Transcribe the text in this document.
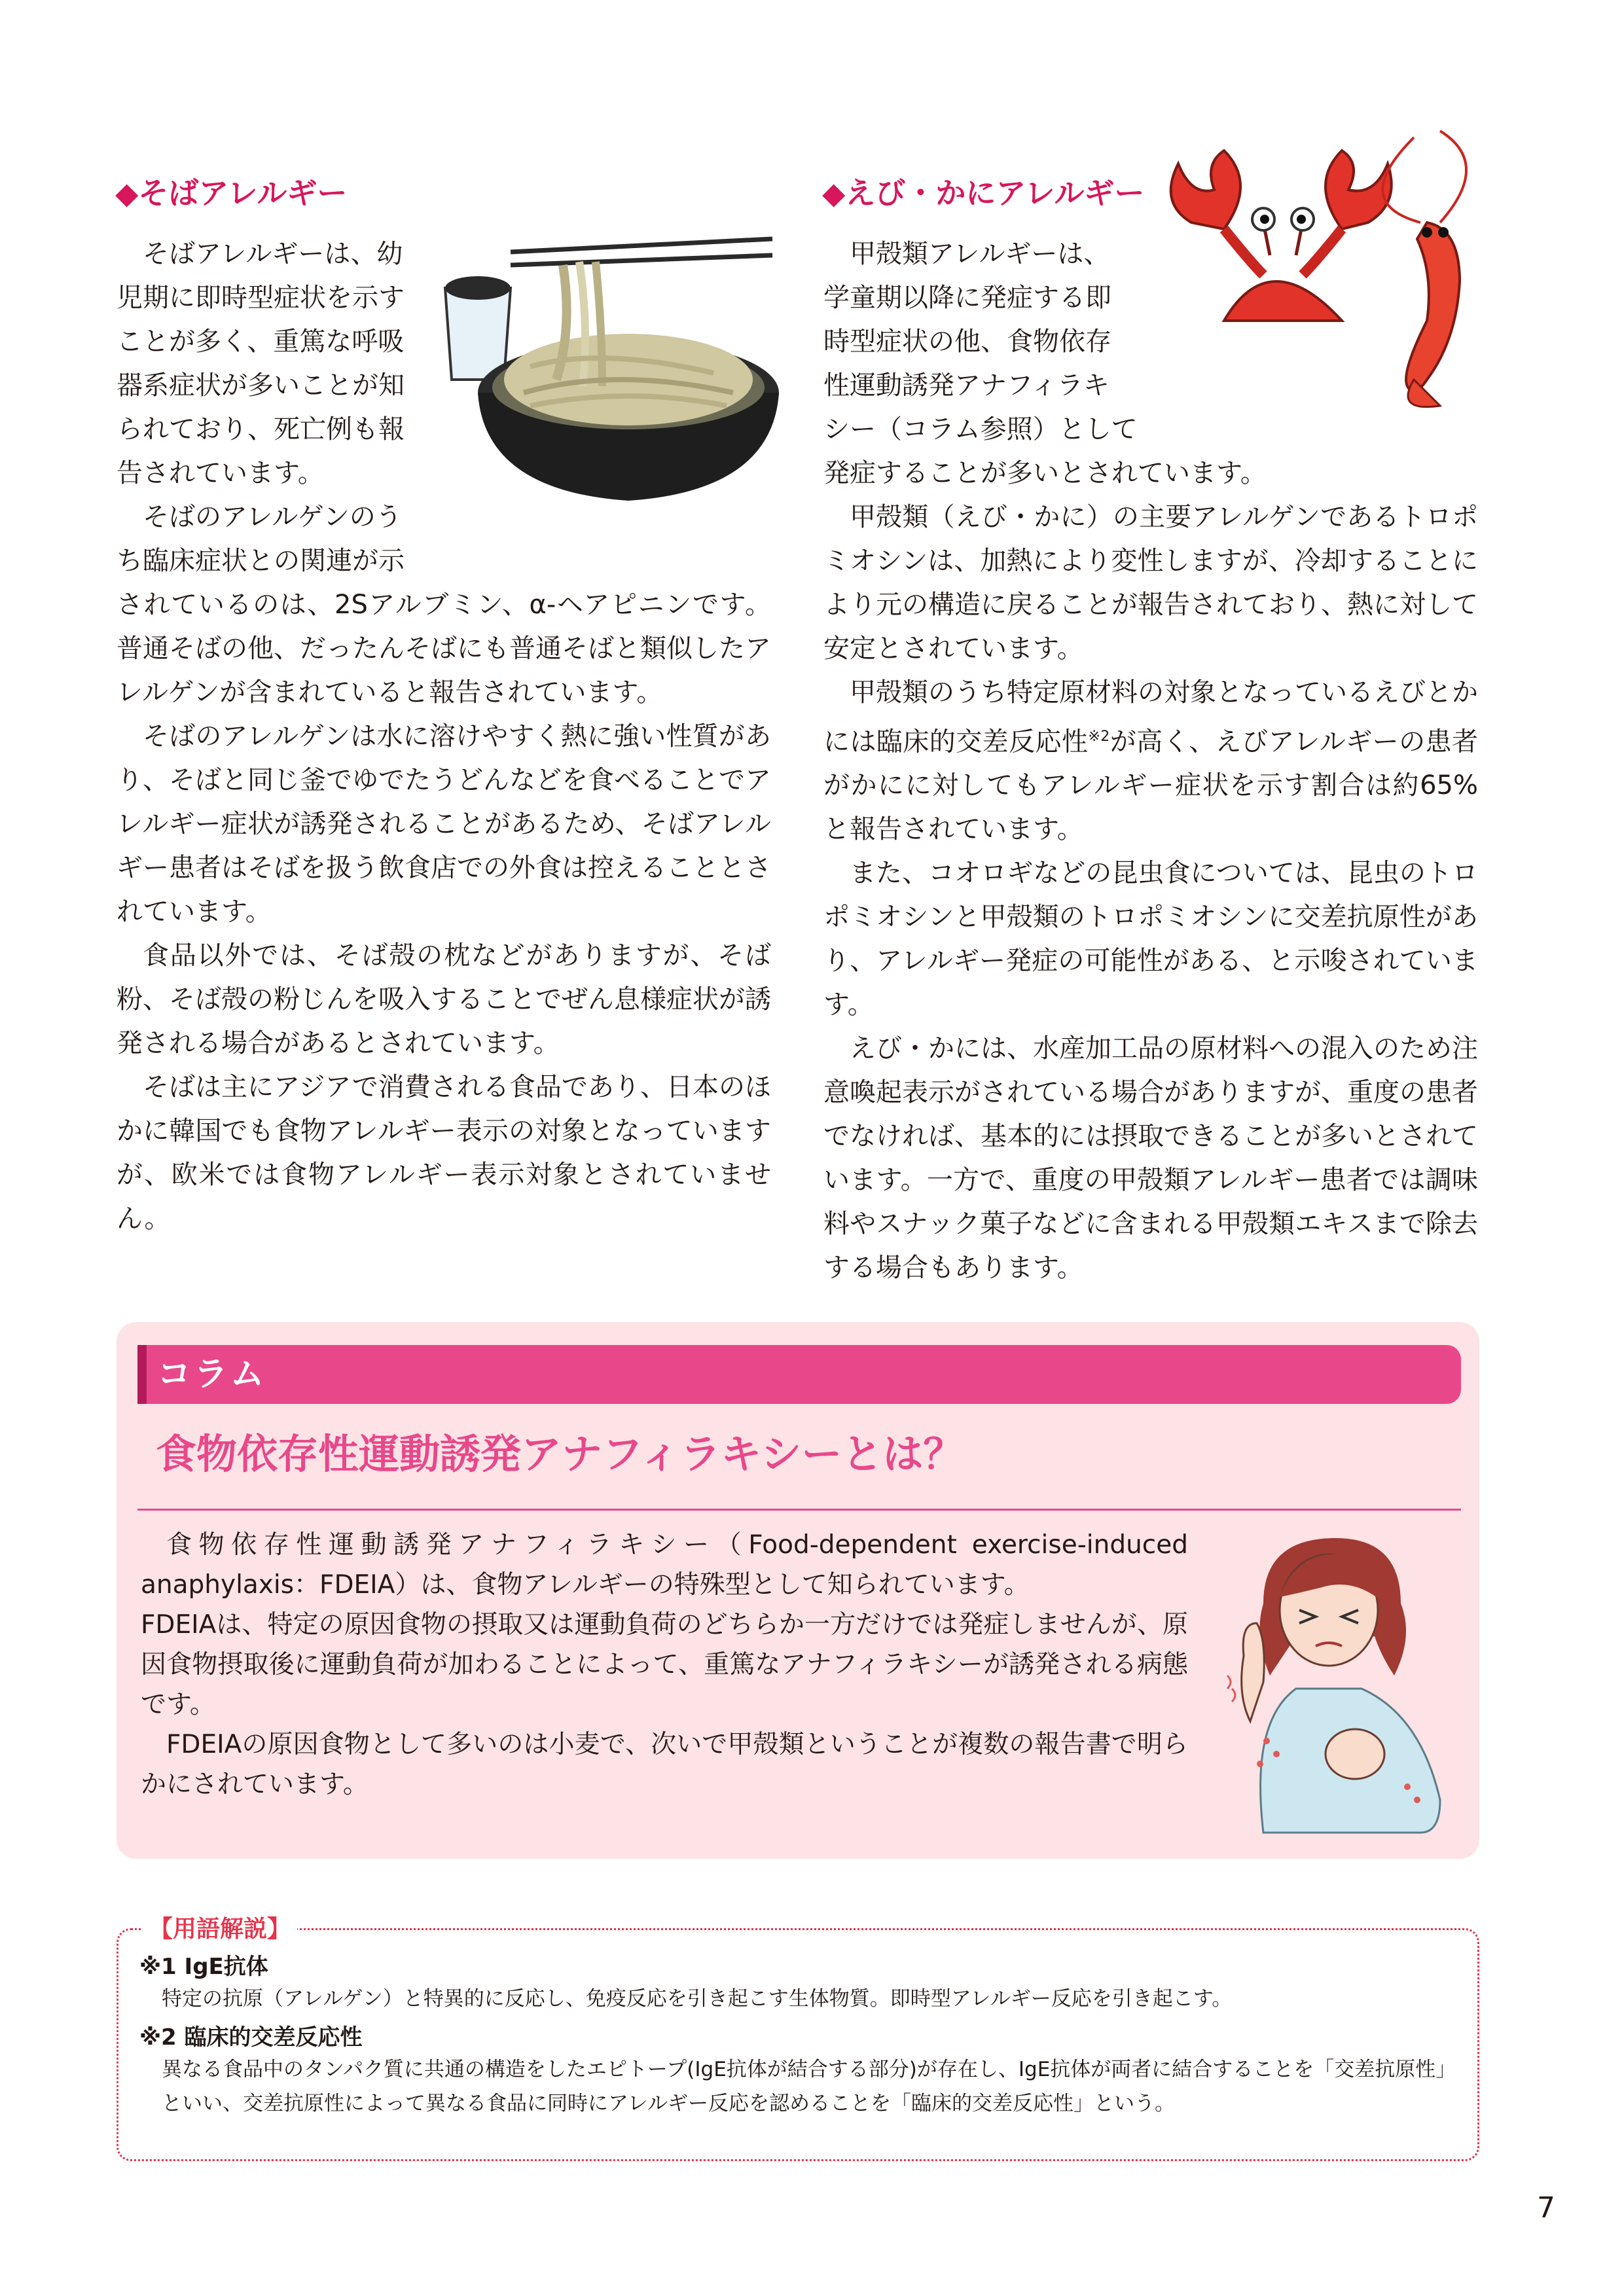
◆そばアレルギー
そばアレルギーは、幼
児期に即時型症状を示す
ことが多く、重篤な呼吸
器系症状が多いことが知
られており、死亡例も報
告されています。
そばのアレルゲンのう
ち臨床症状との関連が示

されているのは、2Sアルブミン、α-ヘアピニンです。普通そばの他、だったんそばにも普通そばと類似したアレルゲンが含まれていると報告されています。

そばのアレルゲンは水に溶けやすく熱に強い性質があり、そばと同じ釜でゆでたうどんなどを食べることでアレルギー症状が誘発されることがあるため、そばアレルギー患者はそばを扱う飲食店での外食は控えることとされています。

食品以外では、そば殻の枕などがありますが、そば粉、そば殻の粉じんを吸入することでぜん息様症状が誘発される場合があるとされています。

そばは主にアジアで消費される食品であり、日本のほかに韓国でも食物アレルギー表示の対象となっていますが、欧米では食物アレルギー表示対象とされていません。

◆えび・かにアレルギー
甲殻類アレルギーは、
学童期以降に発症する即
時型症状の他、食物依存
性運動誘発アナフィラキ
シー（コラム参照）として

発症することが多いとされています。

甲殻類（えび・かに）の主要アレルゲンであるトロポミオシンは、加熱により変性しますが、冷却することにより元の構造に戻ることが報告されており、熱に対して安定とされています。

甲殻類のうち特定原材料の対象となっているえびとかには臨床的交差反応性$^{※2}$が高く、えびアレルギーの患者がかにに対してもアレルギー症状を示す割合は約65%と報告されています。

また、コオロギなどの昆虫食については、昆虫のトロポミオシンと甲殻類のトロポミオシンに交差抗原性があり、アレルギー発症の可能性がある、と示唆されています。

えび・かには、水産加工品の原材料への混入のため注意喚起表示がされている場合がありますが、重度の患者でなければ、基本的には摂取できることが多いとされています。一方で、重度の甲殻類アレルギー患者では調味料やスナック菓子などに含まれる甲殻類エキスまで除去する場合もあります。

コラム
食物依存性運動誘発アナフィラキシーとは？

食物依存性運動誘発アナフィラキシー（Food-dependent exercise-induced anaphylaxis：FDEIA）は、食物アレルギーの特殊型として知られています。

FDEIAは、特定の原因食物の摂取又は運動負荷のどちらか一方だけでは発症しませんが、原因食物摂取後に運動負荷が加わることによって、重篤なアナフィラキシーが誘発される病態です。

FDEIAの原因食物として多いのは小麦で、次いで甲殻類ということが複数の報告書で明らかにされています。

【用語解説】
※1 IgE抗体
特定の抗原（アレルゲン）と特異的に反応し、免疫反応を引き起こす生体物質。即時型アレルギー反応を引き起こす。
※2 臨床的交差反応性
異なる食品中のタンパク質に共通の構造をしたエピトープ(IgE抗体が結合する部分)が存在し、IgE抗体が両者に結合することを「交差抗原性」といい、交差抗原性によって異なる食品に同時にアレルギー反応を認めることを「臨床的交差反応性」という。
7
